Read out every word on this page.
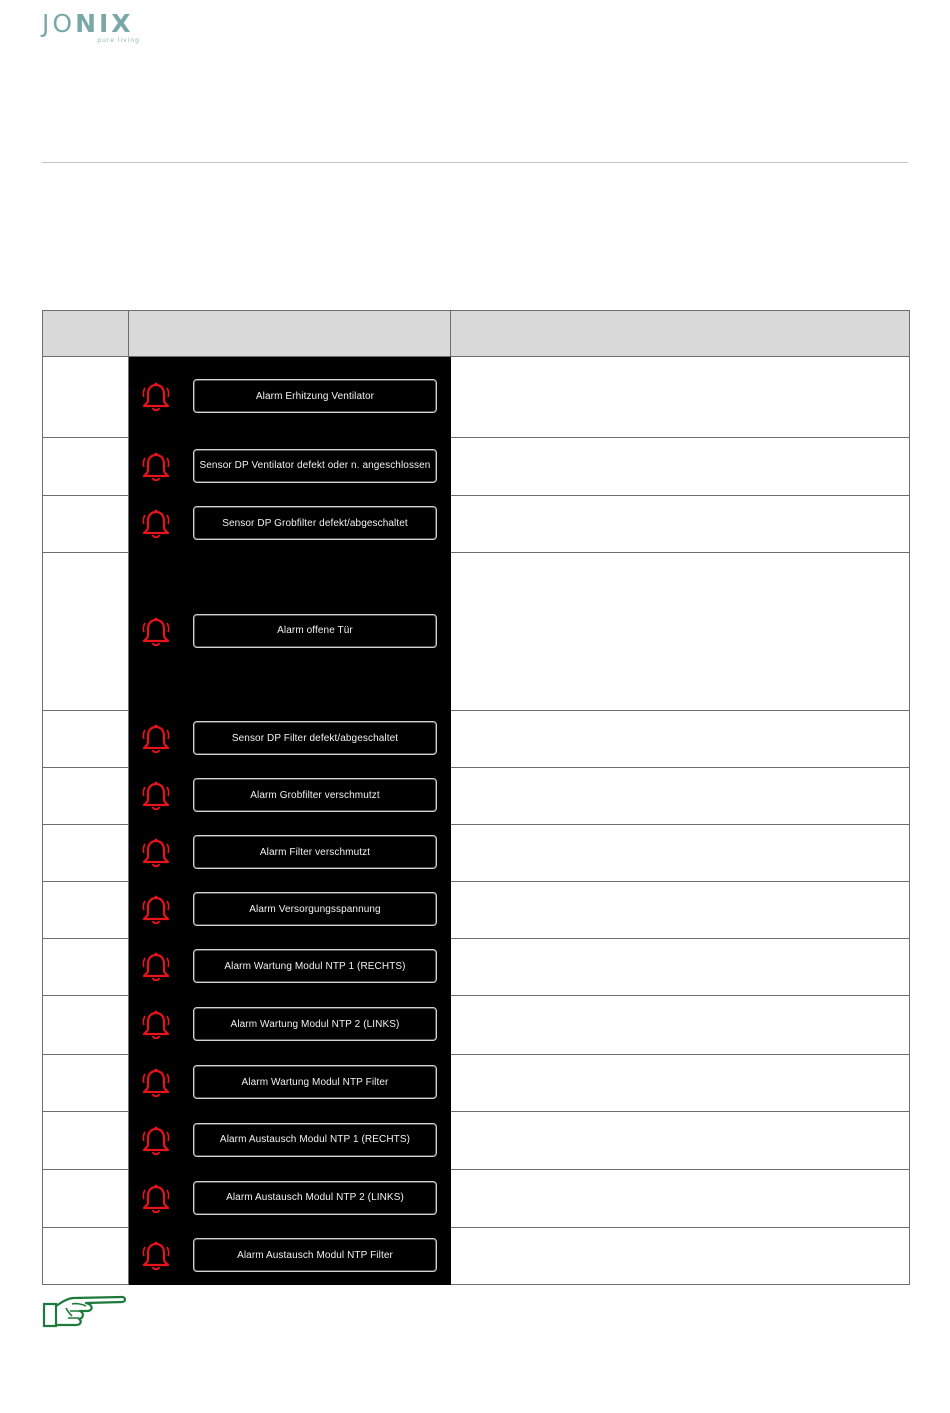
JONIX
pure living

Alarm Erhitzung Ventilator	

Sensor DP Ventilator defekt oder n. angeschlossen	

Sensor DP Grobfilter defekt/abgeschaltet	

Alarm offene Tür	

Sensor DP Filter defekt/abgeschaltet	

Alarm Grobfilter verschmutzt	

Alarm Filter verschmutzt	

Alarm Versorgungsspannung	

Alarm Wartung Modul NTP 1 (RECHTS)	

Alarm Wartung Modul NTP 2 (LINKS)	

Alarm Wartung Modul NTP Filter	

Alarm Austausch Modul NTP 1 (RECHTS)	

Alarm Austausch Modul NTP 2 (LINKS)	

Alarm Austausch Modul NTP Filter	
